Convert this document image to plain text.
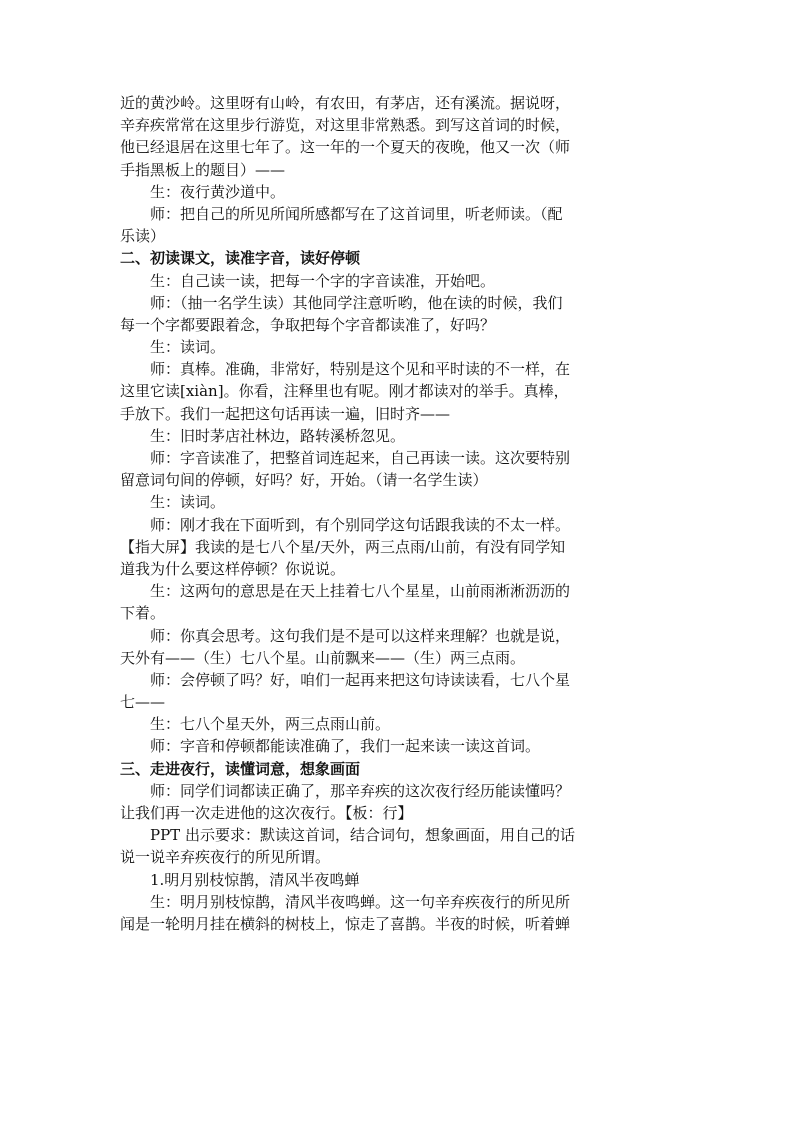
近的黄沙岭。这里呀有山岭，有农田，有茅店，还有溪流。据说呀，
辛弃疾常常在这里步行游览，对这里非常熟悉。到写这首词的时候，
他已经退居在这里七年了。这一年的一个夏天的夜晚，他又一次（师
手指黑板上的题目）——
生：夜行黄沙道中。
师：把自己的所见所闻所感都写在了这首词里，听老师读。（配
乐读）
二、初读课文，读准字音，读好停顿
生：自己读一读，把每一个字的字音读准，开始吧。
师：（抽一名学生读）其他同学注意听哟，他在读的时候，我们
每一个字都要跟着念，争取把每个字音都读准了，好吗？
生：读词。
师：真棒。准确，非常好，特别是这个见和平时读的不一样，在
这里它读[xiàn]。你看，注释里也有呢。刚才都读对的举手。真棒，
手放下。我们一起把这句话再读一遍，旧时齐——
生：旧时茅店社林边，路转溪桥忽见。
师：字音读准了，把整首词连起来，自己再读一读。这次要特别
留意词句间的停顿，好吗？好，开始。（请一名学生读）
生：读词。
师：刚才我在下面听到，有个别同学这句话跟我读的不太一样。
【指大屏】我读的是七八个星/天外，两三点雨/山前，有没有同学知
道我为什么要这样停顿？你说说。
生：这两句的意思是在天上挂着七八个星星，山前雨淅淅沥沥的
下着。
师：你真会思考。这句我们是不是可以这样来理解？也就是说，
天外有——（生）七八个星。山前飘来——（生）两三点雨。
师：会停顿了吗？好，咱们一起再来把这句诗读读看，七八个星
七——
生：七八个星天外，两三点雨山前。
师：字音和停顿都能读准确了，我们一起来读一读这首词。
三、走进夜行，读懂词意，想象画面
师：同学们词都读正确了，那辛弃疾的这次夜行经历能读懂吗？
让我们再一次走进他的这次夜行。【板：行】
PPT 出示要求：默读这首词，结合词句，想象画面，用自己的话
说一说辛弃疾夜行的所见所谓。
1.明月别枝惊鹊，清风半夜鸣蝉
生：明月别枝惊鹊，清风半夜鸣蝉。这一句辛弃疾夜行的所见所
闻是一轮明月挂在横斜的树枝上，惊走了喜鹊。半夜的时候，听着蝉
